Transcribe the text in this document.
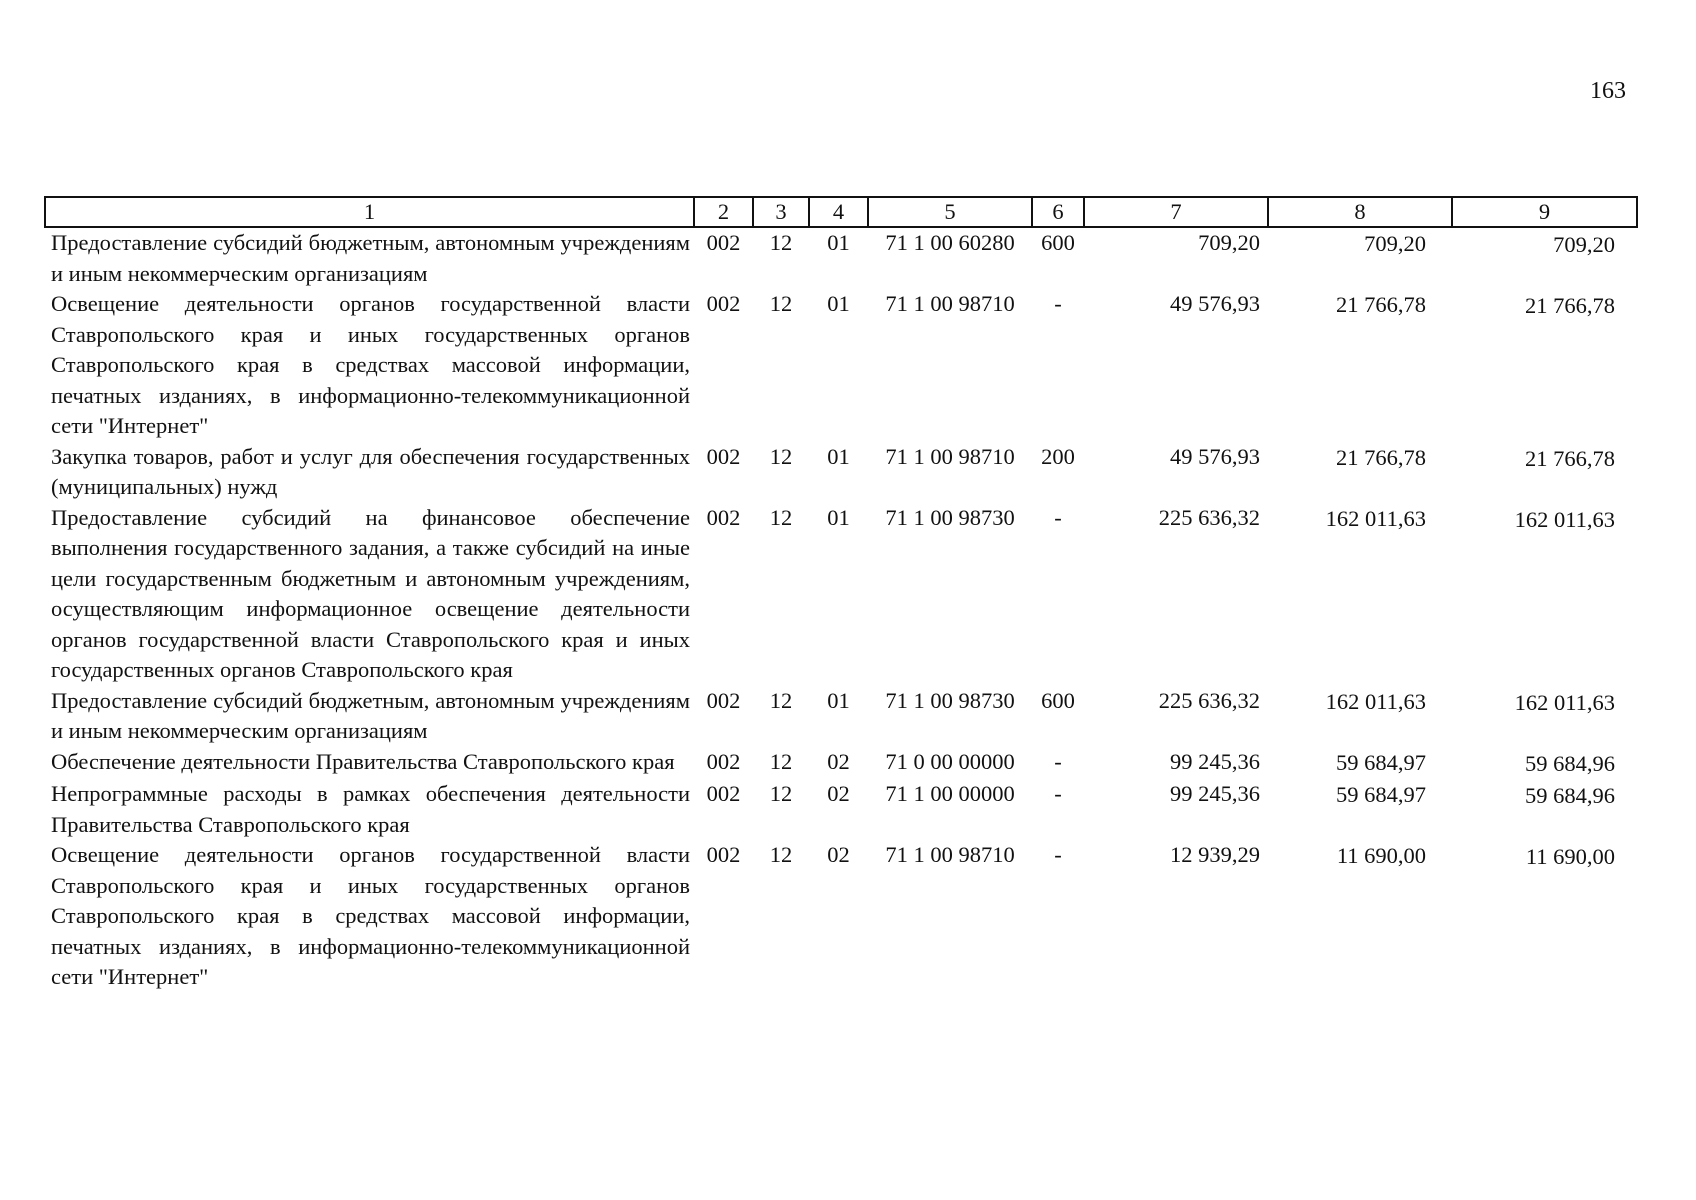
163
1	2	3	4	5	6	7	8	9
Предоставление субсидий бюджетным, автономным учреждениям и иным некоммерческим организациям	002	12	01	71 1 00 60280	600	709,20	709,20	709,20
Освещение деятельности органов государственной власти Ставропольского края и иных государственных органов Ставропольского края в средствах массовой информации, печатных изданиях, в информационно-телекоммуникационной сети "Интернет"	002	12	01	71 1 00 98710	-	49 576,93	21 766,78	21 766,78
Закупка товаров, работ и услуг для обеспечения государственных (муниципальных) нужд	002	12	01	71 1 00 98710	200	49 576,93	21 766,78	21 766,78
Предоставление субсидий на финансовое обеспечение выполнения государственного задания, а также субсидий на иные цели государственным бюджетным и автономным учреждениям, осуществляющим информационное освещение деятельности органов государственной власти Ставропольского края и иных государственных органов Ставропольского края	002	12	01	71 1 00 98730	-	225 636,32	162 011,63	162 011,63
Предоставление субсидий бюджетным, автономным учреждениям и иным некоммерческим организациям	002	12	01	71 1 00 98730	600	225 636,32	162 011,63	162 011,63
Обеспечение деятельности Правительства Ставропольского края	002	12	02	71 0 00 00000	-	99 245,36	59 684,97	59 684,96
Непрограммные расходы в рамках обеспечения деятельности Правительства Ставропольского края	002	12	02	71 1 00 00000	-	99 245,36	59 684,97	59 684,96
Освещение деятельности органов государственной власти Ставропольского края и иных государственных органов Ставропольского края в средствах массовой информации, печатных изданиях, в информационно-телекоммуникационной сети "Интернет"	002	12	02	71 1 00 98710	-	12 939,29	11 690,00	11 690,00
